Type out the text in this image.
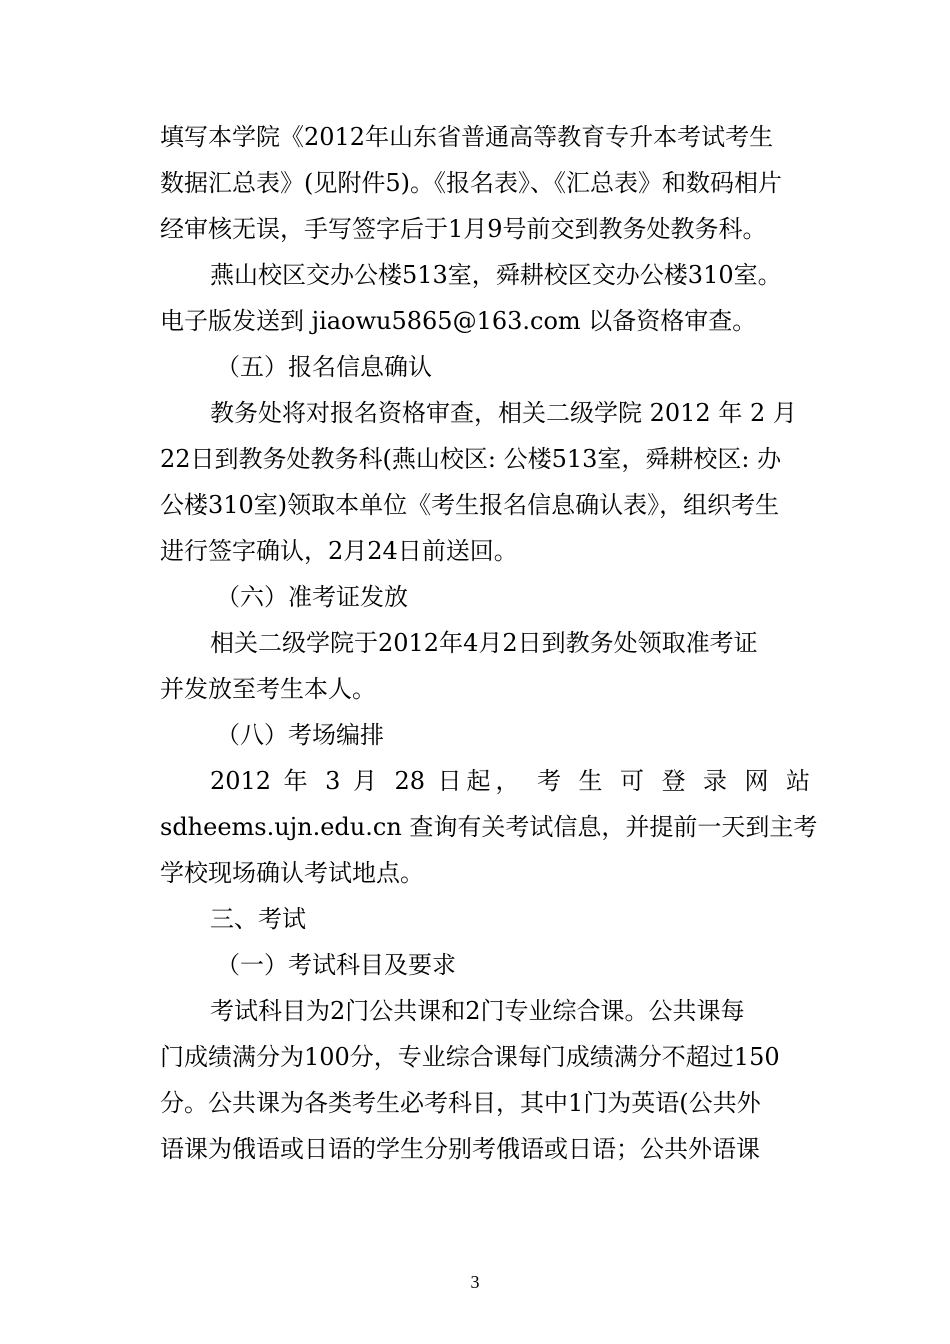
填写本学院《2012年山东省普通高等教育专升本考试考生
数据汇总表》(见附件5)。《报名表》、《汇总表》和数码相片
经审核无误，手写签字后于1月9号前交到教务处教务科。
燕山校区交办公楼513室，舜耕校区交办公楼310室。
电子版发送到 jiaowu5865@163.com 以备资格审查。
（五）报名信息确认
教务处将对报名资格审查，相关二级学院 2012 年 2 月
22日到教务处教务科(燕山校区: 公楼513室，舜耕校区: 办
公楼310室)领取本单位《考生报名信息确认表》，组织考生
进行签字确认，2月24日前送回。
（六）准考证发放
相关二级学院于2012年4月2日到教务处领取准考证
并发放至考生本人。
（八）考场编排
2012 年 3 月 28 日起， 考 生 可 登 录 网 站
sdheems.ujn.edu.cn 查询有关考试信息，并提前一天到主考
学校现场确认考试地点。
三、考试
（一）考试科目及要求
考试科目为2门公共课和2门专业综合课。公共课每
门成绩满分为100分，专业综合课每门成绩满分不超过150
分。公共课为各类考生必考科目，其中1门为英语(公共外
语课为俄语或日语的学生分别考俄语或日语；公共外语课
3
